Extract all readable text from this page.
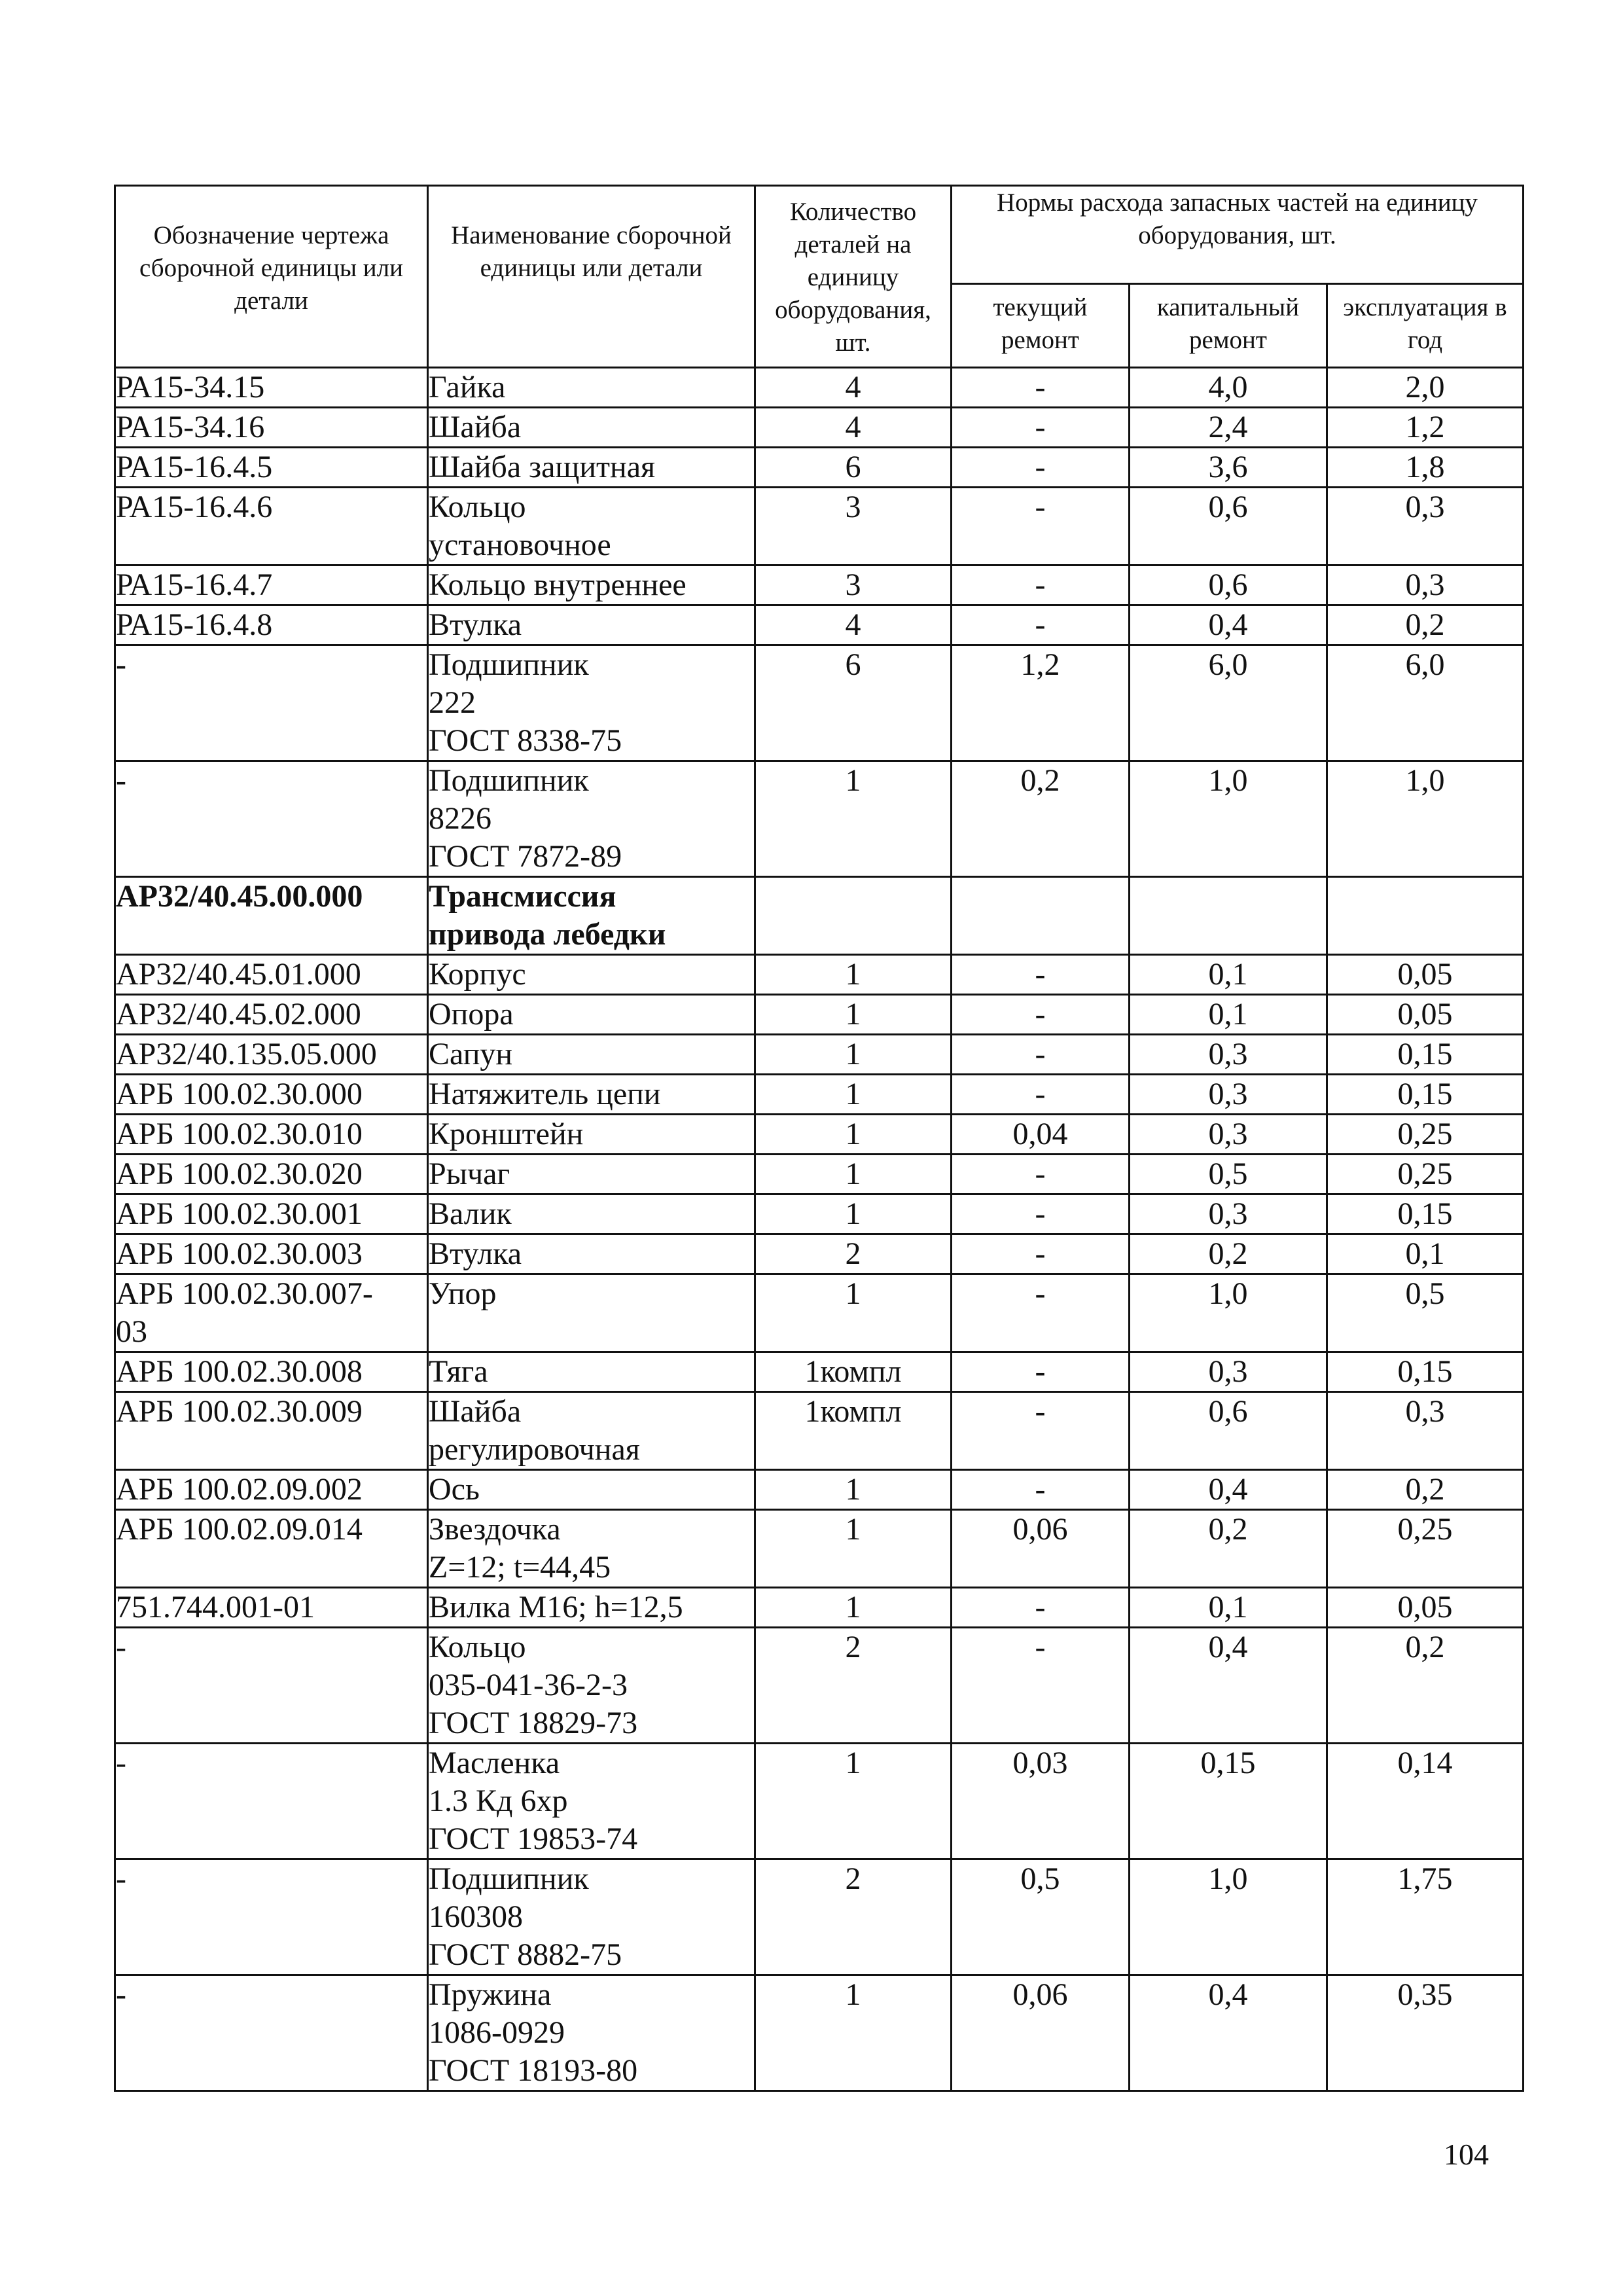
Обозначение чертежа сборочной единицы или детали	Наименование сборочной единицы или детали	Количество деталей на единицу оборудования, шт.	Нормы расхода запасных частей на единицу оборудования, шт.		
			текущий ремонт	капитальный ремонт	эксплуатация в год
РА15-34.15	Гайка	4	-	4,0	2,0
РА15-34.16	Шайба	4	-	2,4	1,2
РА15-16.4.5	Шайба защитная	6	-	3,6	1,8
РА15-16.4.6	Кольцо
установочное	3	-	0,6	0,3
РА15-16.4.7	Кольцо внутреннее	3	-	0,6	0,3
РА15-16.4.8	Втулка	4	-	0,4	0,2
-	Подшипник
222
ГОСТ 8338-75	6	1,2	6,0	6,0
-	Подшипник
8226
ГОСТ 7872-89	1	0,2	1,0	1,0
АР32/40.45.00.000	Трансмиссия
привода лебедки				
АР32/40.45.01.000	Корпус	1	-	0,1	0,05
АР32/40.45.02.000	Опора	1	-	0,1	0,05
АР32/40.135.05.000	Сапун	1	-	0,3	0,15
АРБ 100.02.30.000	Натяжитель цепи	1	-	0,3	0,15
АРБ 100.02.30.010	Кронштейн	1	0,04	0,3	0,25
АРБ 100.02.30.020	Рычаг	1	-	0,5	0,25
АРБ 100.02.30.001	Валик	1	-	0,3	0,15
АРБ 100.02.30.003	Втулка	2	-	0,2	0,1
АРБ 100.02.30.007-
03	Упор	1	-	1,0	0,5
АРБ 100.02.30.008	Тяга	1компл	-	0,3	0,15
АРБ 100.02.30.009	Шайба
регулировочная	1компл	-	0,6	0,3
АРБ 100.02.09.002	Ось	1	-	0,4	0,2
АРБ 100.02.09.014	Звездочка
Z=12; t=44,45	1	0,06	0,2	0,25
751.744.001-01	Вилка М16; h=12,5	1	-	0,1	0,05
-	Кольцо
035-041-36-2-3
ГОСТ 18829-73	2	-	0,4	0,2
-	Масленка
1.3 Кд 6хр
ГОСТ 19853-74	1	0,03	0,15	0,14
-	Подшипник
160308
ГОСТ 8882-75	2	0,5	1,0	1,75
-	Пружина
1086-0929
ГОСТ 18193-80	1	0,06	0,4	0,35
104
